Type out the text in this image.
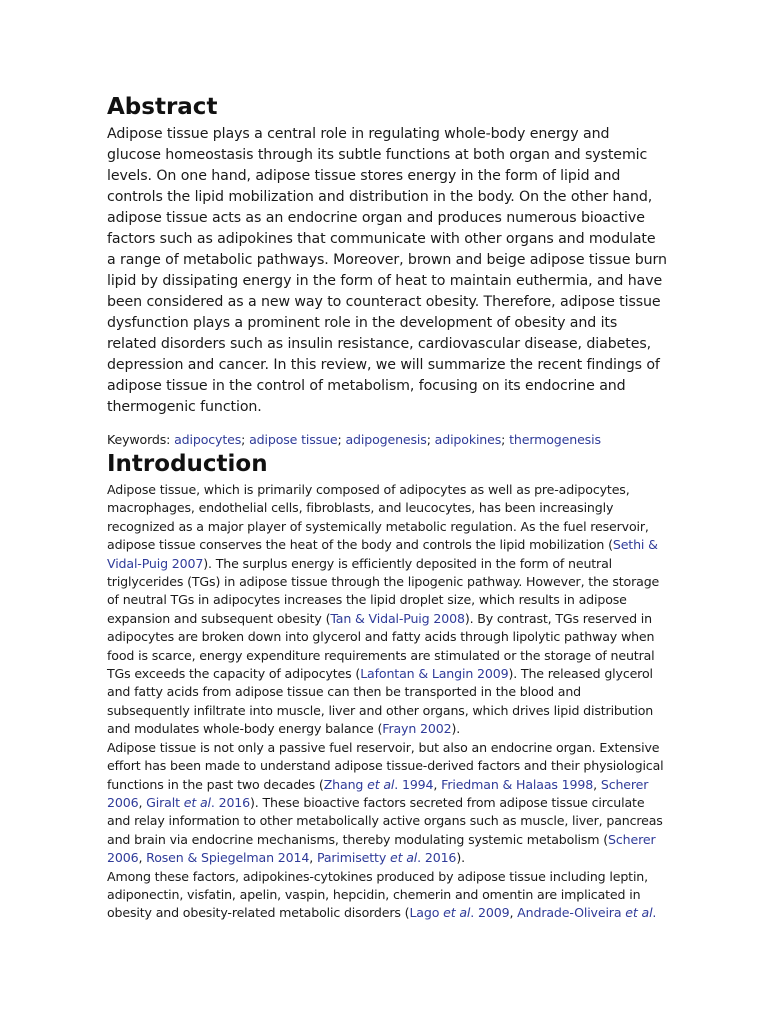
Abstract

Adipose tissue plays a central role in regulating whole-body energy and glucose homeostasis through its subtle functions at both organ and systemic levels. On one hand, adipose tissue stores energy in the form of lipid and controls the lipid mobilization and distribution in the body. On the other hand, adipose tissue acts as an endocrine organ and produces numerous bioactive factors such as adipokines that communicate with other organs and modulate a range of metabolic pathways. Moreover, brown and beige adipose tissue burn lipid by dissipating energy in the form of heat to maintain euthermia, and have been considered as a new way to counteract obesity. Therefore, adipose tissue dysfunction plays a prominent role in the development of obesity and its related disorders such as insulin resistance, cardiovascular disease, diabetes, depression and cancer. In this review, we will summarize the recent findings of adipose tissue in the control of metabolism, focusing on its endocrine and thermogenic function.

Keywords: adipocytes; adipose tissue; adipogenesis; adipokines; thermogenesis

Introduction

Adipose tissue, which is primarily composed of adipocytes as well as pre-adipocytes, macrophages, endothelial cells, fibroblasts, and leucocytes, has been increasingly recognized as a major player of systemically metabolic regulation. As the fuel reservoir, adipose tissue conserves the heat of the body and controls the lipid mobilization (Sethi & Vidal-Puig 2007). The surplus energy is efficiently deposited in the form of neutral triglycerides (TGs) in adipose tissue through the lipogenic pathway. However, the storage of neutral TGs in adipocytes increases the lipid droplet size, which results in adipose expansion and subsequent obesity (Tan & Vidal-Puig 2008). By contrast, TGs reserved in adipocytes are broken down into glycerol and fatty acids through lipolytic pathway when food is scarce, energy expenditure requirements are stimulated or the storage of neutral TGs exceeds the capacity of adipocytes (Lafontan & Langin 2009). The released glycerol and fatty acids from adipose tissue can then be transported in the blood and subsequently infiltrate into muscle, liver and other organs, which drives lipid distribution and modulates whole-body energy balance (Frayn 2002).

Adipose tissue is not only a passive fuel reservoir, but also an endocrine organ. Extensive effort has been made to understand adipose tissue-derived factors and their physiological functions in the past two decades (Zhang et al. 1994, Friedman & Halaas 1998, Scherer 2006, Giralt et al. 2016). These bioactive factors secreted from adipose tissue circulate and relay information to other metabolically active organs such as muscle, liver, pancreas and brain via endocrine mechanisms, thereby modulating systemic metabolism (Scherer 2006, Rosen & Spiegelman 2014, Parimisetty et al. 2016).
Among these factors, adipokines-cytokines produced by adipose tissue including leptin, adiponectin, visfatin, apelin, vaspin, hepcidin, chemerin and omentin are implicated in obesity and obesity-related metabolic disorders (Lago et al. 2009, Andrade-Oliveira et al.
